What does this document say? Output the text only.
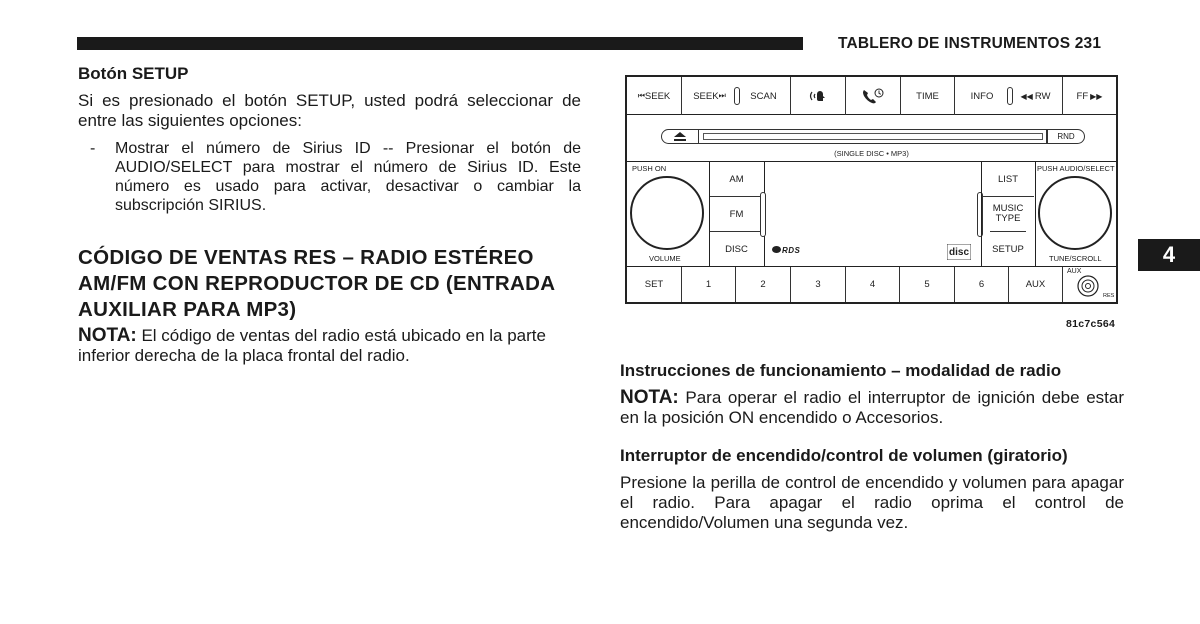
TABLERO DE INSTRUMENTOS 231
4
Botón SETUP
Si es presionado el botón SETUP, usted podrá seleccionar de entre las siguientes opciones:
-	Mostrar el número de Sirius ID -- Presionar el botón de AUDIO/SELECT para mostrar el número de Sirius ID. Este número es usado para activar, desactivar o cambiar la subscripción SIRIUS.
CÓDIGO DE VENTAS RES – RADIO ESTÉREO AM/FM CON REPRODUCTOR DE CD (ENTRADA AUXILIAR PARA MP3)
NOTA: El código de ventas del radio está ubicado en la parte inferior derecha de la placa frontal del radio.
⏮ SEEK SEEK ⏭	SCAN	TIME	INFO	◀◀ RW	FF ▶▶
RND
(SINGLE DISC • MP3)
PUSH ON
VOLUME
AM
FM
DISC	RDS	disc
LIST
MUSIC TYPE
SETUP
PUSH AUDIO/SELECT
TUNE/SCROLL
SET	1	2	3	4	5	6	AUX
AUX
RES
81c7c564
Instrucciones de funcionamiento – modalidad de radio
NOTA: Para operar el radio el interruptor de ignición debe estar en la posición ON encendido o Accesorios.
Interruptor de encendido/control de volumen (giratorio)
Presione la perilla de control de encendido y volumen para apagar el radio. Para apagar el radio oprima el control de encendido/Volumen una segunda vez.
